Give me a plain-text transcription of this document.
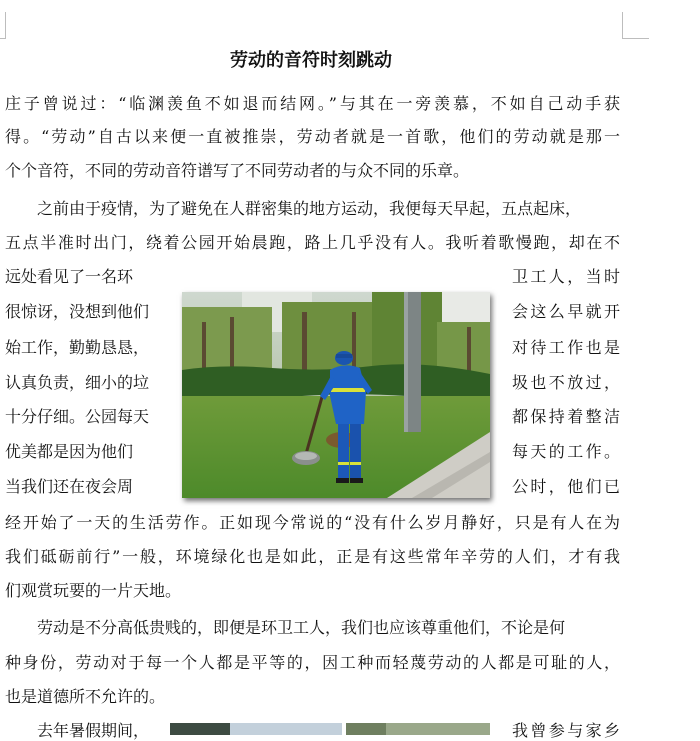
劳动的音符时刻跳动
庄子曾说过：“临渊羡鱼不如退而结网。”与其在一旁羡慕，不如自己动手获
得。“劳动”自古以来便一直被推崇，劳动者就是一首歌，他们的劳动就是那一
个个音符，不同的劳动音符谱写了不同劳动者的与众不同的乐章。
之前由于疫情，为了避免在人群密集的地方运动，我便每天早起，五点起床，
五点半准时出门，绕着公园开始晨跑，路上几乎没有人。我听着歌慢跑，却在不
远处看见了一名环	卫工人，当时
很惊讶，没想到他们	会这么早就开
始工作，勤勤恳恳，	对待工作也是
认真负责，细小的垃	圾也不放过，
十分仔细。公园每天	都保持着整洁
优美都是因为他们	每天的工作。
当我们还在夜会周	公时，他们已
经开始了一天的生活劳作。正如现今常说的“没有什么岁月静好，只是有人在为
我们砥砺前行”一般，环境绿化也是如此，正是有这些常年辛劳的人们，才有我
们观赏玩要的一片天地。
劳动是不分高低贵贱的，即便是环卫工人，我们也应该尊重他们，不论是何
种身份，劳动对于每一个人都是平等的，因工种而轻蔑劳动的人都是可耻的人，
也是道德所不允许的。
去年暑假期间，	我曾参与家乡
